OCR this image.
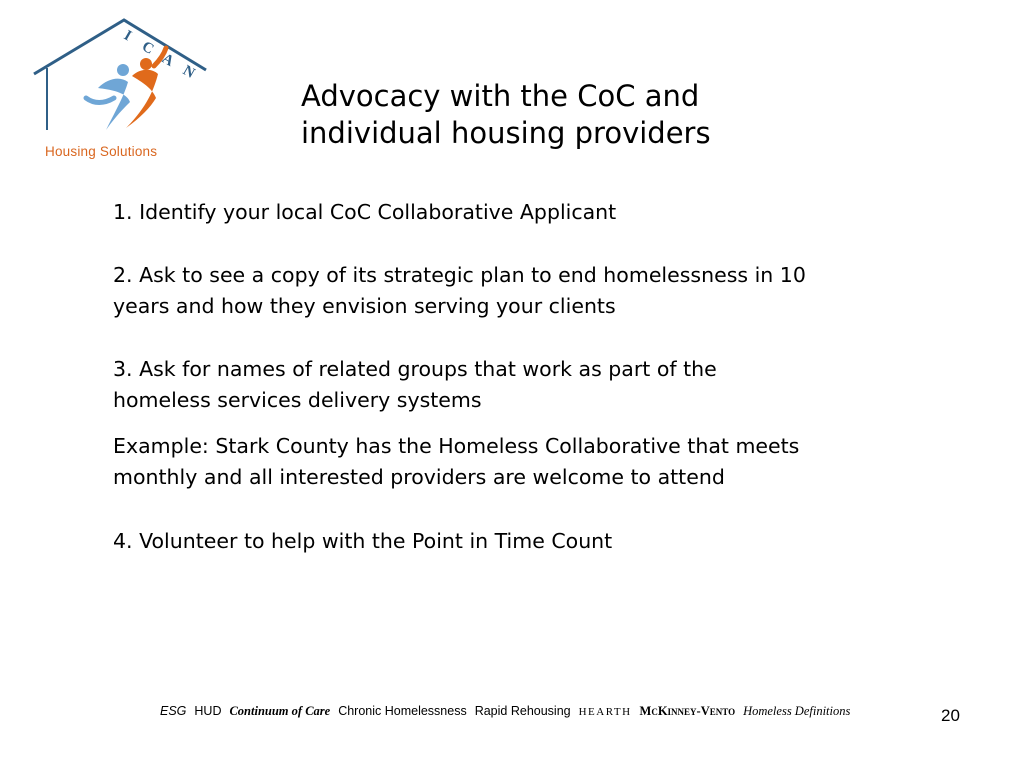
I
C
A
N
Housing Solutions
Advocacy with the CoC and
individual housing providers
1. Identify your local CoC Collaborative Applicant
2. Ask to see a copy of its strategic plan to end homelessness in 10
years and how they envision serving your clients
3. Ask for names of related groups that work as part of the
homeless services delivery systems
Example: Stark County has the Homeless Collaborative that meets
monthly and all interested providers are welcome to attend
4. Volunteer to help with the Point in Time Count
ESG HUD Continuum of Care Chronic Homelessness Rapid Rehousing HEARTH McKinney-Vento Homeless Definitions	20
